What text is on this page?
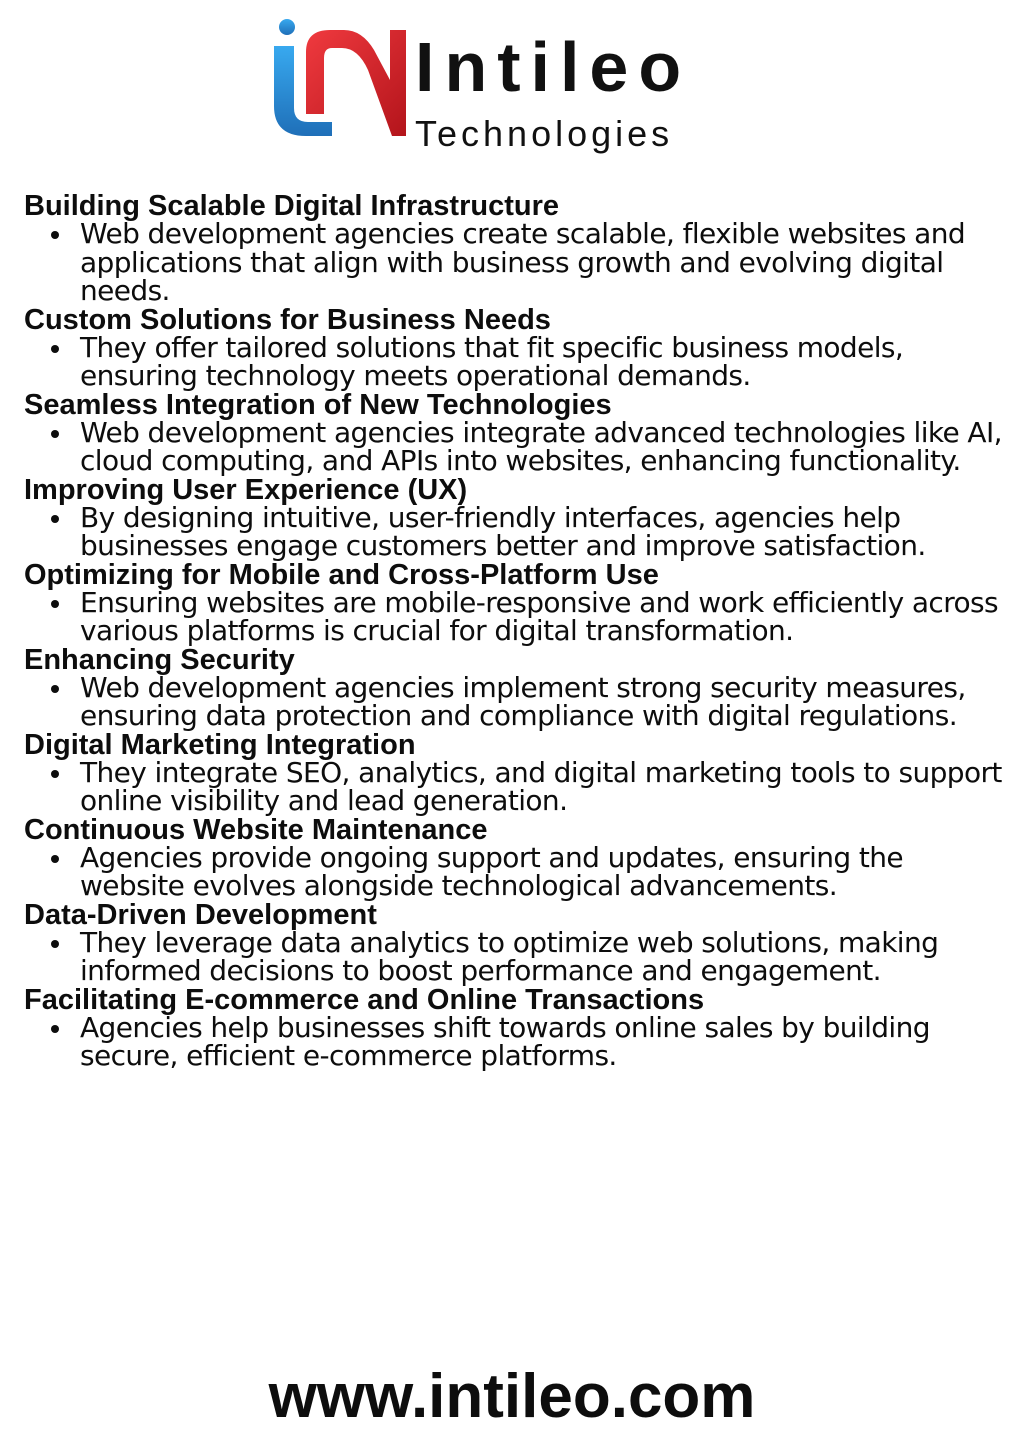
Intileo
Technologies
Building Scalable Digital Infrastructure
Web development agencies create scalable, flexible websites and applications that align with business growth and evolving digital needs.
Custom Solutions for Business Needs
They offer tailored solutions that fit specific business models, ensuring technology meets operational demands.
Seamless Integration of New Technologies
Web development agencies integrate advanced technologies like AI, cloud computing, and APIs into websites, enhancing functionality.
Improving User Experience (UX)
By designing intuitive, user-friendly interfaces, agencies help businesses engage customers better and improve satisfaction.
Optimizing for Mobile and Cross-Platform Use
Ensuring websites are mobile-responsive and work efficiently across various platforms is crucial for digital transformation.
Enhancing Security
Web development agencies implement strong security measures, ensuring data protection and compliance with digital regulations.
Digital Marketing Integration
They integrate SEO, analytics, and digital marketing tools to support online visibility and lead generation.
Continuous Website Maintenance
Agencies provide ongoing support and updates, ensuring the website evolves alongside technological advancements.
Data-Driven Development
They leverage data analytics to optimize web solutions, making informed decisions to boost performance and engagement.
Facilitating E-commerce and Online Transactions
Agencies help businesses shift towards online sales by building secure, efficient e-commerce platforms.
www.intileo.com
